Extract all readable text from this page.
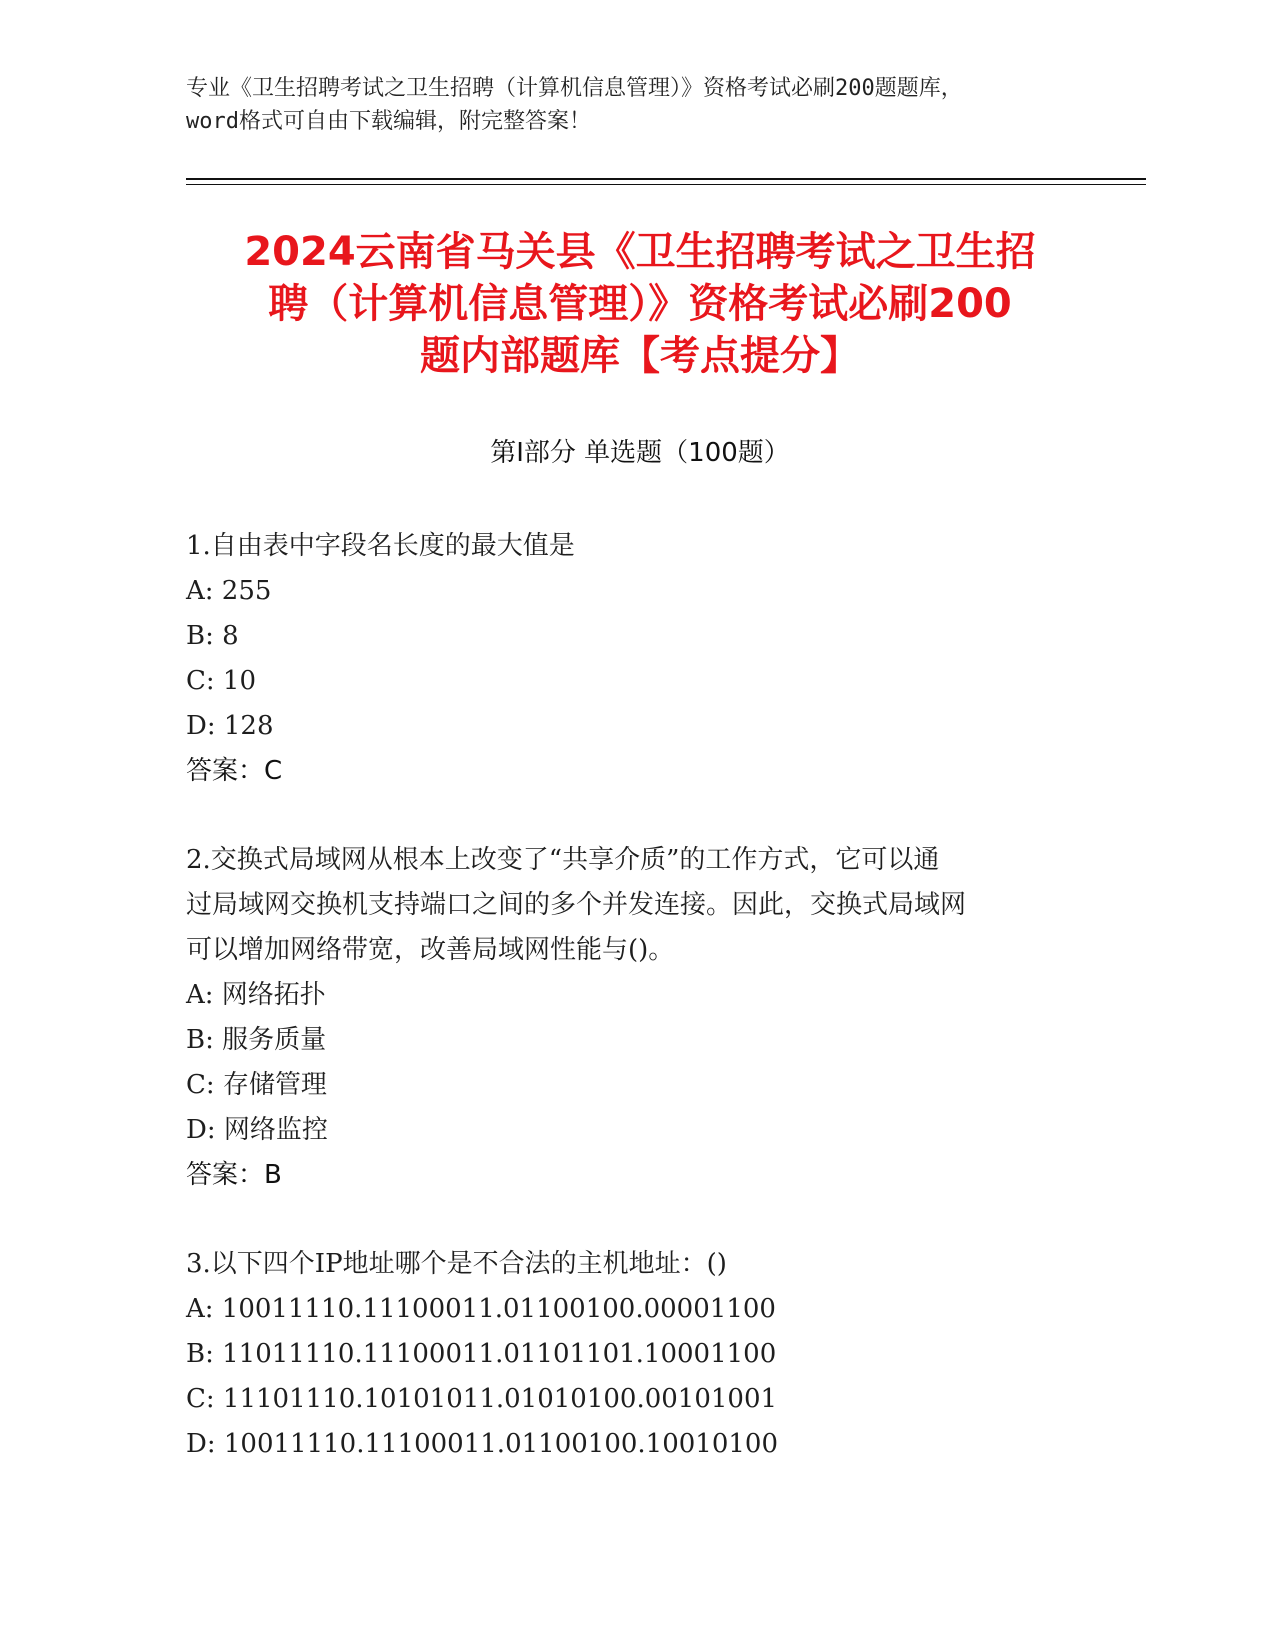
专业《卫生招聘考试之卫生招聘（计算机信息管理）》资格考试必刷200题题库，
word格式可自由下载编辑，附完整答案！
2024云南省马关县《卫生招聘考试之卫生招
聘（计算机信息管理）》资格考试必刷200
题内部题库【考点提分】
第Ⅰ部分 单选题（100题）
1.自由表中字段名长度的最大值是
A: 255
B: 8
C: 10
D: 128
答案：C
2.交换式局域网从根本上改变了“共享介质”的工作方式，它可以通
过局域网交换机支持端口之间的多个并发连接。因此，交换式局域网
可以增加网络带宽，改善局域网性能与()。
A: 网络拓扑
B: 服务质量
C: 存储管理
D: 网络监控
答案：B
3.以下四个IP地址哪个是不合法的主机地址：()
A: 10011110.11100011.01100100.00001100
B: 11011110.11100011.01101101.10001100
C: 11101110.10101011.01010100.00101001
D: 10011110.11100011.01100100.10010100
